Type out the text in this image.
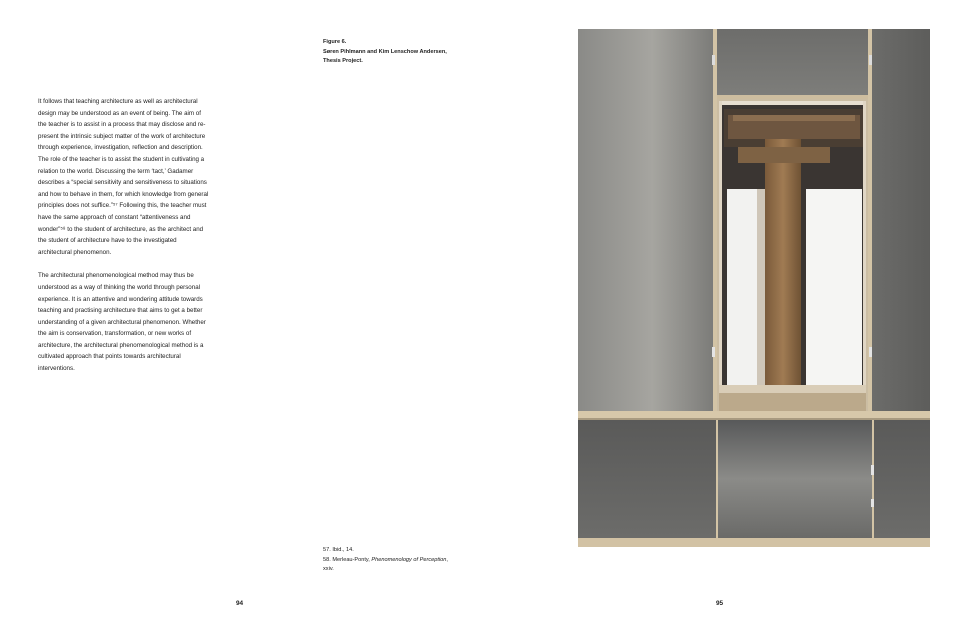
It follows that teaching architecture as well as architectural design may be understood as an event of being. The aim of the teacher is to assist in a process that may disclose and re-present the intrinsic subject matter of the work of architecture through experience, investigation, reflection and description. The role of the teacher is to assist the student in cultivating a relation to the world. Discussing the term ‘tact,’ Gadamer describes a “special sensitivity and sensitiveness to situations and how to behave in them, for which knowledge from general principles does not suffice.”⁵⁷ Following this, the teacher must have the same approach of constant “attentiveness and wonder”⁵⁸ to the student of architecture, as the architect and the student of architecture have to the investigated architectural phenomenon.

The architectural phenomenological method may thus be understood as a way of thinking the world through personal experience. It is an attentive and wondering attitude towards teaching and practising architecture that aims to get a better understanding of a given architectural phenomenon. Whether the aim is conservation, transformation, or new works of architecture, the architectural phenomenological method is a cultivated approach that points towards architectural interventions.

Figure 6.
Søren Pihlmann and Kim Lenschow Andersen,
Thesis Project.
57. Ibid., 14.
58. Merleau-Ponty, Phenomenology of Perception,
xxiv.
94	95
